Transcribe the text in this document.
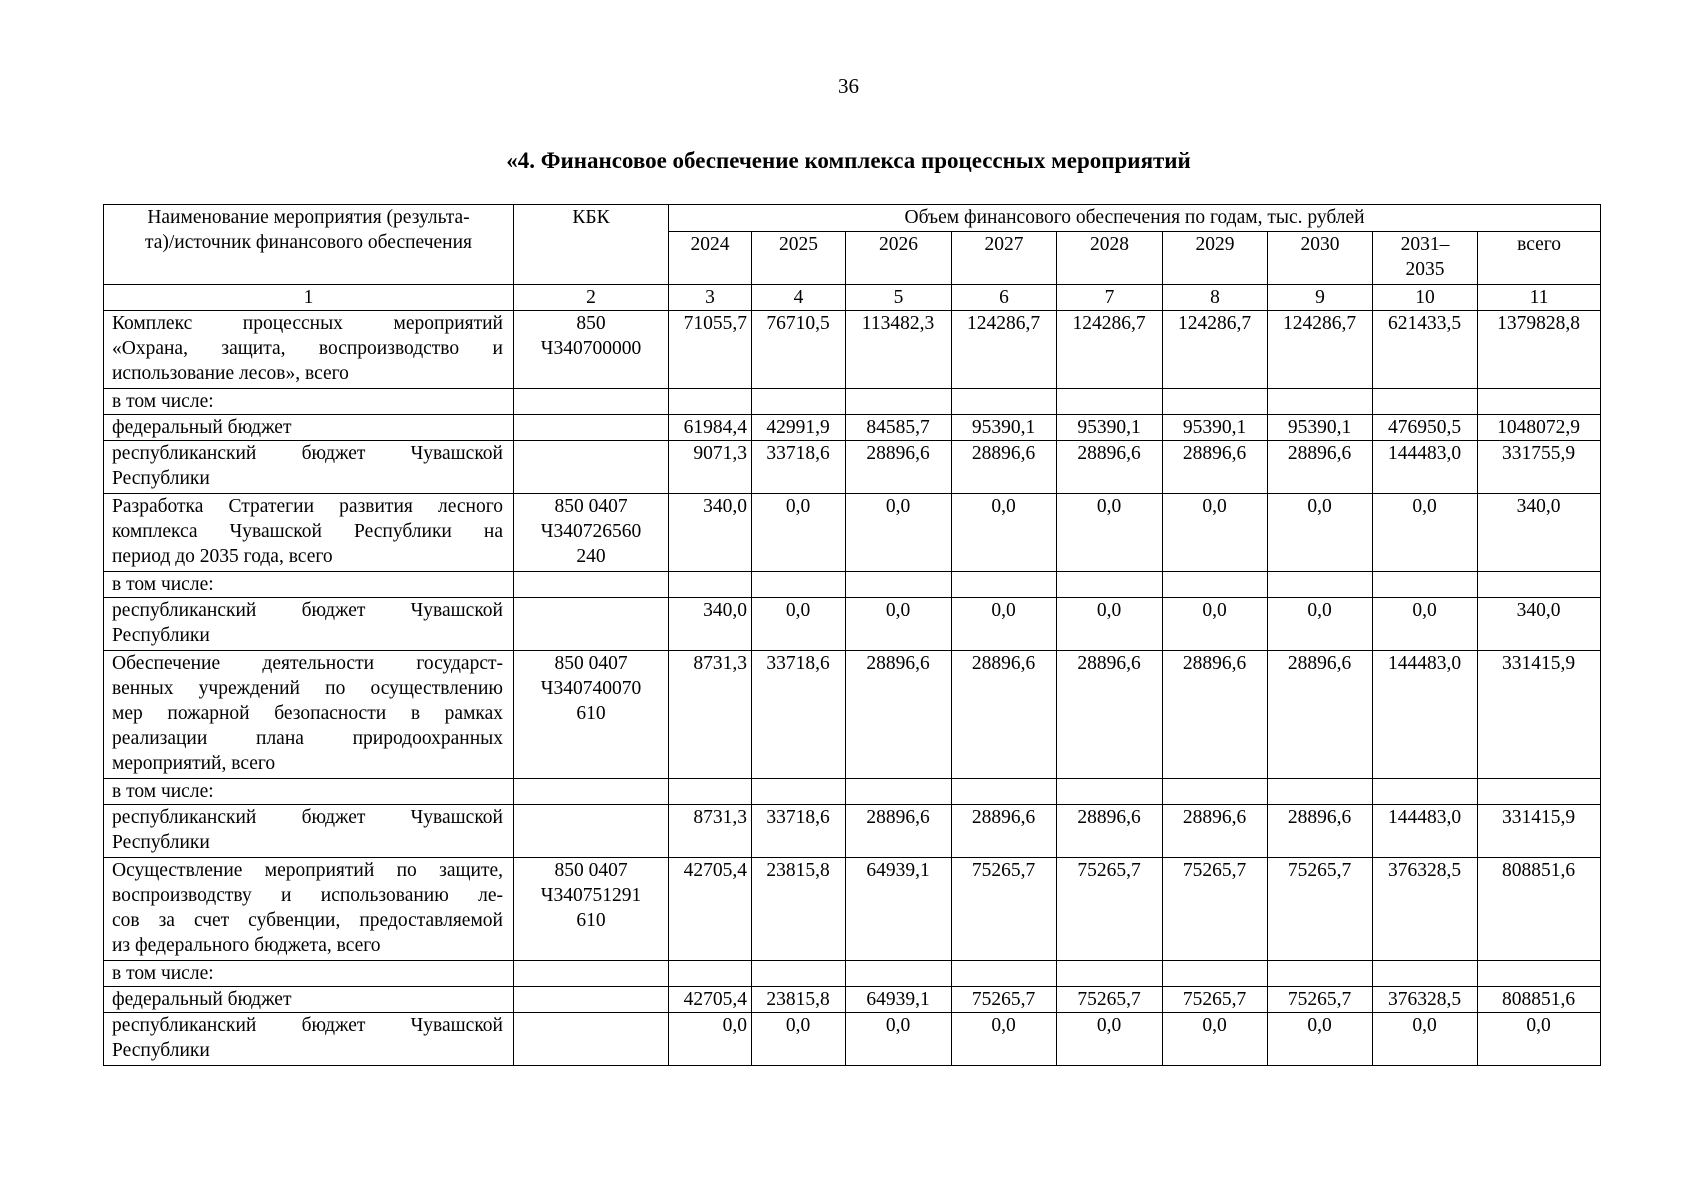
36
«4. Финансовое обеспечение комплекса процессных мероприятий
Наименование мероприятия (результа-
та)/источник финансового обеспечения	КБК	Объем финансового обеспечения по годам, тыс. рублей								
		2024	2025	2026	2027	2028	2029	2030	2031–
2035	всего
1	2	3	4	5	6	7	8	9	10	11

Комплекс процессных мероприятий
«Охрана, защита, воспроизводство и
использование лесов», всего	850
Ч340700000	71055,7	76710,5	113482,3	124286,7	124286,7	124286,7	124286,7	621433,5	1379828,8

в том числе:										

федеральный бюджет		61984,4	42991,9	84585,7	95390,1	95390,1	95390,1	95390,1	476950,5	1048072,9

республиканский бюджет Чувашской
Республики		9071,3	33718,6	28896,6	28896,6	28896,6	28896,6	28896,6	144483,0	331755,9

Разработка Стратегии развития лесного
комплекса Чувашской Республики на
период до 2035 года, всего	850 0407
Ч340726560
240	340,0	0,0	0,0	0,0	0,0	0,0	0,0	0,0	340,0

в том числе:										

республиканский бюджет Чувашской
Республики		340,0	0,0	0,0	0,0	0,0	0,0	0,0	0,0	340,0

Обеспечение деятельности государст-
венных учреждений по осуществлению
мер пожарной безопасности в рамках
реализации плана природоохранных
мероприятий, всего	850 0407
Ч340740070
610	8731,3	33718,6	28896,6	28896,6	28896,6	28896,6	28896,6	144483,0	331415,9

в том числе:										

республиканский бюджет Чувашской
Республики		8731,3	33718,6	28896,6	28896,6	28896,6	28896,6	28896,6	144483,0	331415,9

Осуществление мероприятий по защите,
воспроизводству и использованию ле-
сов за счет субвенции, предоставляемой
из федерального бюджета, всего	850 0407
Ч340751291
610	42705,4	23815,8	64939,1	75265,7	75265,7	75265,7	75265,7	376328,5	808851,6

в том числе:										

федеральный бюджет		42705,4	23815,8	64939,1	75265,7	75265,7	75265,7	75265,7	376328,5	808851,6

республиканский бюджет Чувашской
Республики		0,0	0,0	0,0	0,0	0,0	0,0	0,0	0,0	0,0
